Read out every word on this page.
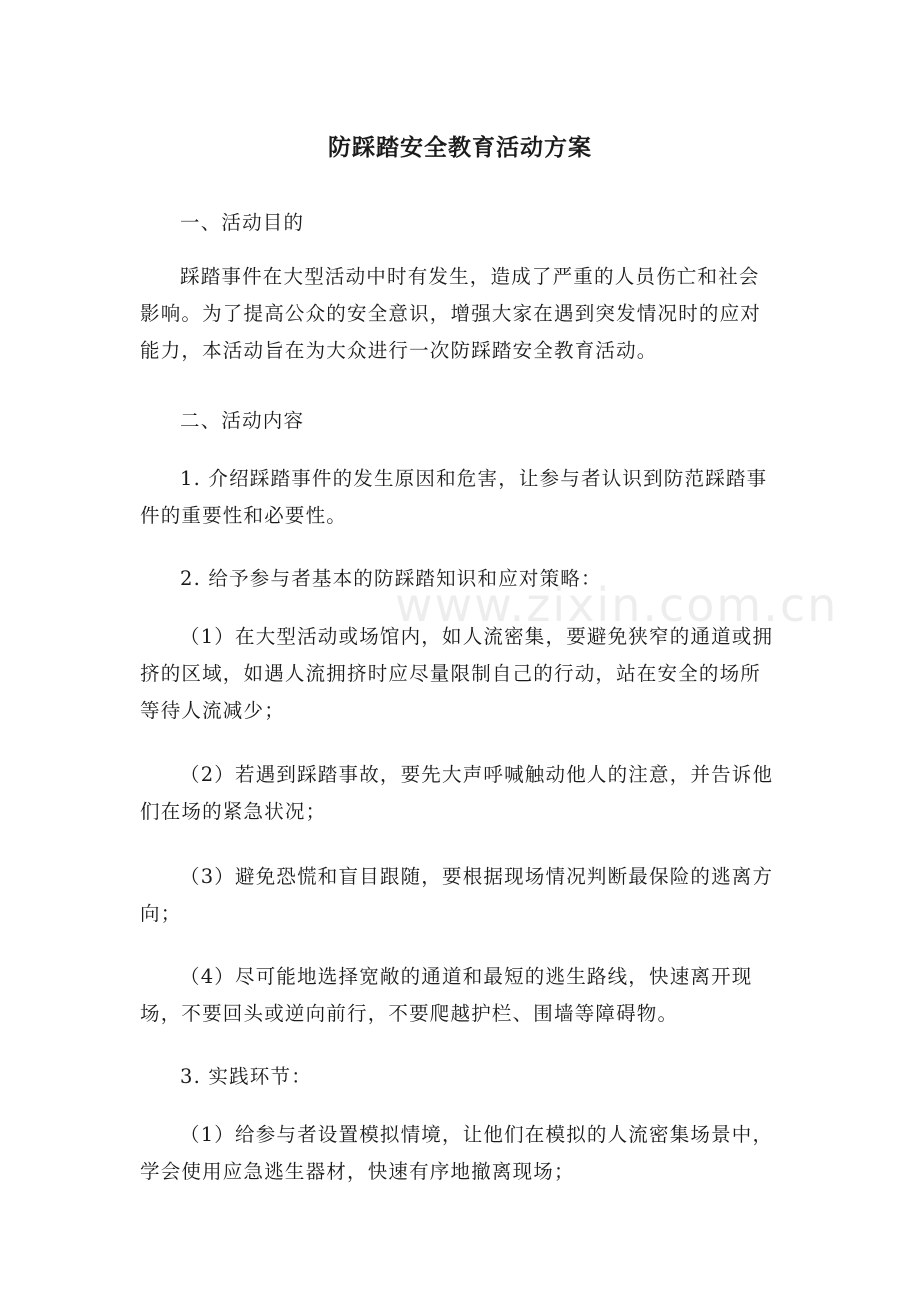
www.zixin.com.cn
防踩踏安全教育活动方案

一、活动目的

踩踏事件在大型活动中时有发生，造成了严重的人员伤亡和社会影响。为了提高公众的安全意识，增强大家在遇到突发情况时的应对能力，本活动旨在为大众进行一次防踩踏安全教育活动。

二、活动内容

1. 介绍踩踏事件的发生原因和危害，让参与者认识到防范踩踏事件的重要性和必要性。

2. 给予参与者基本的防踩踏知识和应对策略：

（1）在大型活动或场馆内，如人流密集，要避免狭窄的通道或拥挤的区域，如遇人流拥挤时应尽量限制自己的行动，站在安全的场所等待人流减少；

（2）若遇到踩踏事故，要先大声呼喊触动他人的注意，并告诉他们在场的紧急状况；

（3）避免恐慌和盲目跟随，要根据现场情况判断最保险的逃离方向；

（4）尽可能地选择宽敞的通道和最短的逃生路线，快速离开现场，不要回头或逆向前行，不要爬越护栏、围墙等障碍物。

3. 实践环节：

（1）给参与者设置模拟情境，让他们在模拟的人流密集场景中，学会使用应急逃生器材，快速有序地撤离现场；
